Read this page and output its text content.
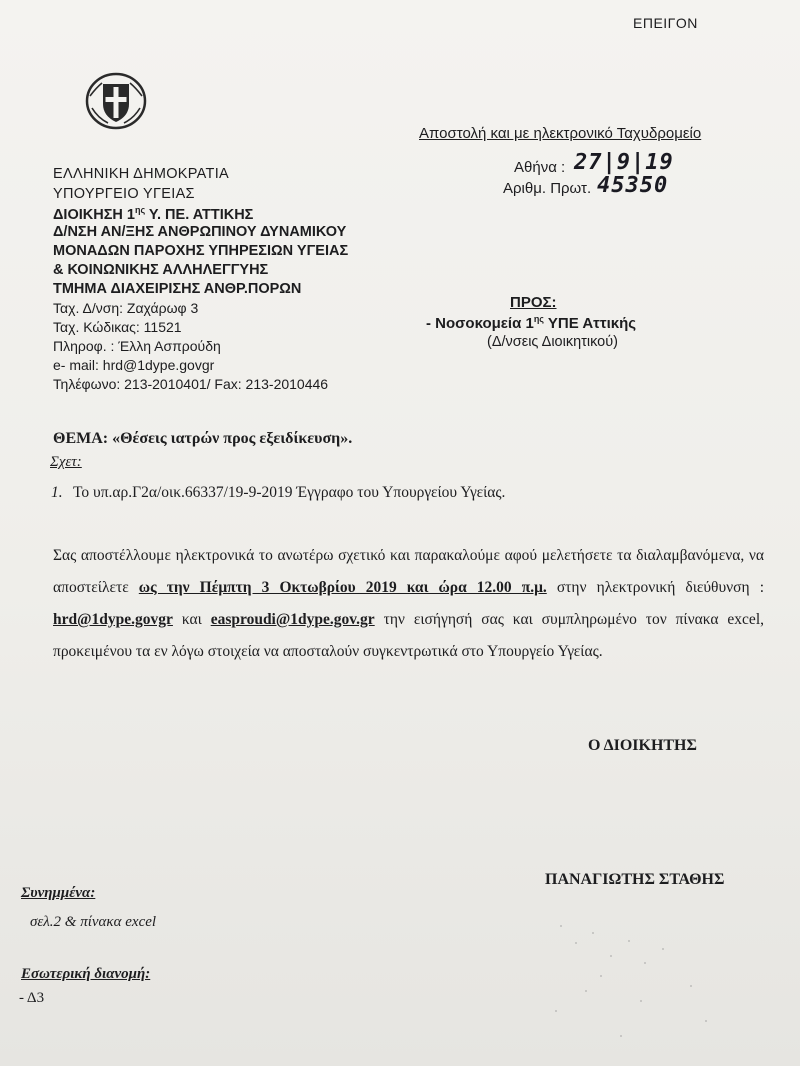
ΕΠΕΙΓΟΝ
Αποστολή και με ηλεκτρονικό Ταχυδρομείο
Αθήνα : 27|9|19
Αριθμ. Πρωτ. 45350
ΕΛΛΗΝΙΚΗ ΔΗΜΟΚΡΑΤΙΑ
ΥΠΟΥΡΓΕΙΟ ΥΓΕΙΑΣ
ΔΙΟΙΚΗΣΗ $1^{\eta\varsigma}$ Υ. ΠΕ. ΑΤΤΙΚΗΣ
Δ/ΝΣΗ ΑΝ/ΞΗΣ ΑΝΘΡΩΠΙΝΟΥ ΔΥΝΑΜΙΚΟΥ
ΜΟΝΑΔΩΝ ΠΑΡΟΧΗΣ ΥΠΗΡΕΣΙΩΝ ΥΓΕΙΑΣ
& ΚΟΙΝΩΝΙΚΗΣ ΑΛΛΗΛΕΓΓΥΗΣ
ΤΜΗΜΑ ΔΙΑΧΕΙΡΙΣΗΣ ΑΝΘΡ.ΠΟΡΩΝ
Ταχ. Δ/νση: Ζαχάρωφ 3
Ταχ. Κώδικας: 11521
Πληροφ. : Έλλη Ασπρούδη
e- mail: hrd@1dype.govgr
Τηλέφωνο: 213-2010401/ Fax: 213-2010446
ΠΡΟΣ:
- Νοσοκομεία $1^{\eta\varsigma}$ ΥΠΕ Αττικής
(Δ/νσεις Διοικητικού)
ΘΕΜΑ: «Θέσεις ιατρών προς εξειδίκευση».
Σχετ:
1. Το υπ.αρ.Γ2α/οικ.66337/19-9-2019 Έγγραφο του Υπουργείου Υγείας.
Σας αποστέλλουμε ηλεκτρονικά το ανωτέρω σχετικό και παρακαλούμε αφού μελετήσετε τα διαλαμβανόμενα, να αποστείλετε ως την Πέμπτη 3 Οκτωβρίου 2019 και ώρα 12.00 π.μ. στην ηλεκτρονική διεύθυνση : hrd@1dype.govgr και easproudi@1dype.gov.gr την εισήγησή σας και συμπληρωμένο τον πίνακα excel, προκειμένου τα εν λόγω στοιχεία να αποσταλούν συγκεντρωτικά στο Υπουργείο Υγείας.
Ο ΔΙΟΙΚΗΤΗΣ
ΠΑΝΑΓΙΩΤΗΣ ΣΤΑΘΗΣ
Συνημμένα:
σελ.2 & πίνακα excel
Εσωτερική διανομή:
- Δ3
